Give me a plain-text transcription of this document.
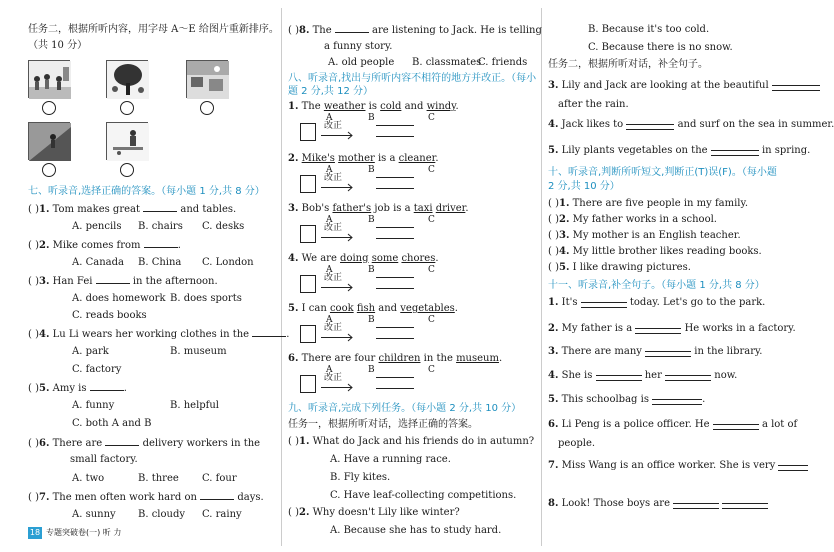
任务二，根据所听内容，用字母 A～E 给图片重新排序。
（共 10 分）
七、听录音,选择正确的答案。（每小题 1 分,共 8 分）
( )1. Tom makes great	and tables.
A. pencils B. chairs C. desks
( )2. Mike comes from	.
A. Canada B. China C. London
( )3. Han Fei	in the afternoon.
A. does homework B. does sports
C. reads books
( )4. Lu Li wears her working clothes in the	.
A. park	B. museum
C. factory
( )5. Amy is	.
A. funny	B. helpful
C. both A and B
( )6. There are	delivery workers in the
small factory.
A. two	B. three C. four
( )7. The men often work hard on	days.
A. sunny B. cloudy C. rainy
( )8. The	are listening to Jack. He is telling
a funny story.
A. old people B. classmates
C. friends
八、听录音,找出与所听内容不相符的地方并改正。（每小
题 2 分,共 12 分）
1. The weather is cold and windy.
A	B	C
改正
2. Mike's mother is a cleaner.
A	B	C
改正
3. Bob's father's job is a taxi driver.
A	B	C
改正
4. We are doing some chores.
A	B	C
改正
5. I can cook fish and vegetables.
A	B	C
改正
6. There are four children in the museum.
A	B	C
改正
九、听录音,完成下列任务。（每小题 2 分,共 10 分）
任务一，根据所听对话，选择正确的答案。
( )1. What do Jack and his friends do in autumn?
A. Have a running race.
B. Fly kites.
C. Have leaf-collecting competitions.
( )2. Why doesn't Lily like winter?
A. Because she has to study hard.
B. Because it's too cold.
C. Because there is no snow.
任务二，根据所听对话，补全句子。
3. Lily and Jack are looking at the beautiful
after the rain.
4. Jack likes to	and surf on the sea in summer.
5. Lily plants vegetables on the	in spring.
十、听录音,判断所听短文,判断正(T)误(F)。（每小题
2 分,共 10 分）
( )1. There are five people in my family.
( )2. My father works in a school.
( )3. My mother is an English teacher.
( )4. My little brother likes reading books.
( )5. I like drawing pictures.
十一、听录音,补全句子。（每小题 1 分,共 8 分）
1. It's	today. Let's go to the park.
2. My father is a	He works in a factory.
3. There are many	in the library.
4. She is	her	now.
5. This schoolbag is	.
6. Li Peng is a police officer. He	a lot of
people.
7. Miss Wang is an office worker. She is very
8. Look! Those boys are

18 专题突破卷(一) 听 力
